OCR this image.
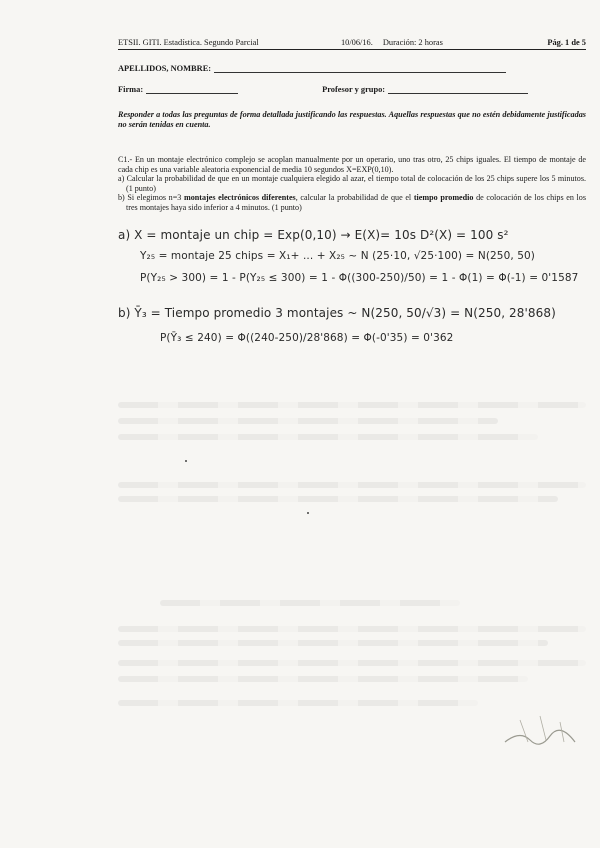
ETSII. GITI. Estadística. Segundo Parcial	10/06/16. Duración: 2 horas	Pág. 1 de 5
APELLIDOS, NOMBRE:
Firma:	Profesor y grupo:
Responder a todas las preguntas de forma detallada justificando las respuestas. Aquellas respuestas que no estén debidamente justificadas no serán tenidas en cuenta.
C1.- En un montaje electrónico complejo se acoplan manualmente por un operario, uno tras otro, 25 chips iguales. El tiempo de montaje de cada chip es una variable aleatoria exponencial de media 10 segundos X=EXP(0,10).
a) Calcular la probabilidad de que en un montaje cualquiera elegido al azar, el tiempo total de colocación de los 25 chips supere los 5 minutos. (1 punto)
b) Si elegimos n=3 montajes electrónicos diferentes, calcular la probabilidad de que el tiempo promedio de colocación de los chips en los tres montajes haya sido inferior a 4 minutos. (1 punto)
a) X = montaje un chip = Exp(0,10) → E(X)= 10s D²(X) = 100 s²
Y₂₅ = montaje 25 chips = X₁+ ... + X₂₅ ~ N (25·10, √25·100) = N(250, 50)
P(Y₂₅ > 300) = 1 - P(Y₂₅ ≤ 300) = 1 - Φ((300-250)/50) = 1 - Φ(1) = Φ(-1) = 0'1587
b) Ȳ₃ = Tiempo promedio 3 montajes ~ N(250, 50/√3) = N(250, 28'868)
P(Ȳ₃ ≤ 240) = Φ((240-250)/28'868) = Φ(-0'35) = 0'362
